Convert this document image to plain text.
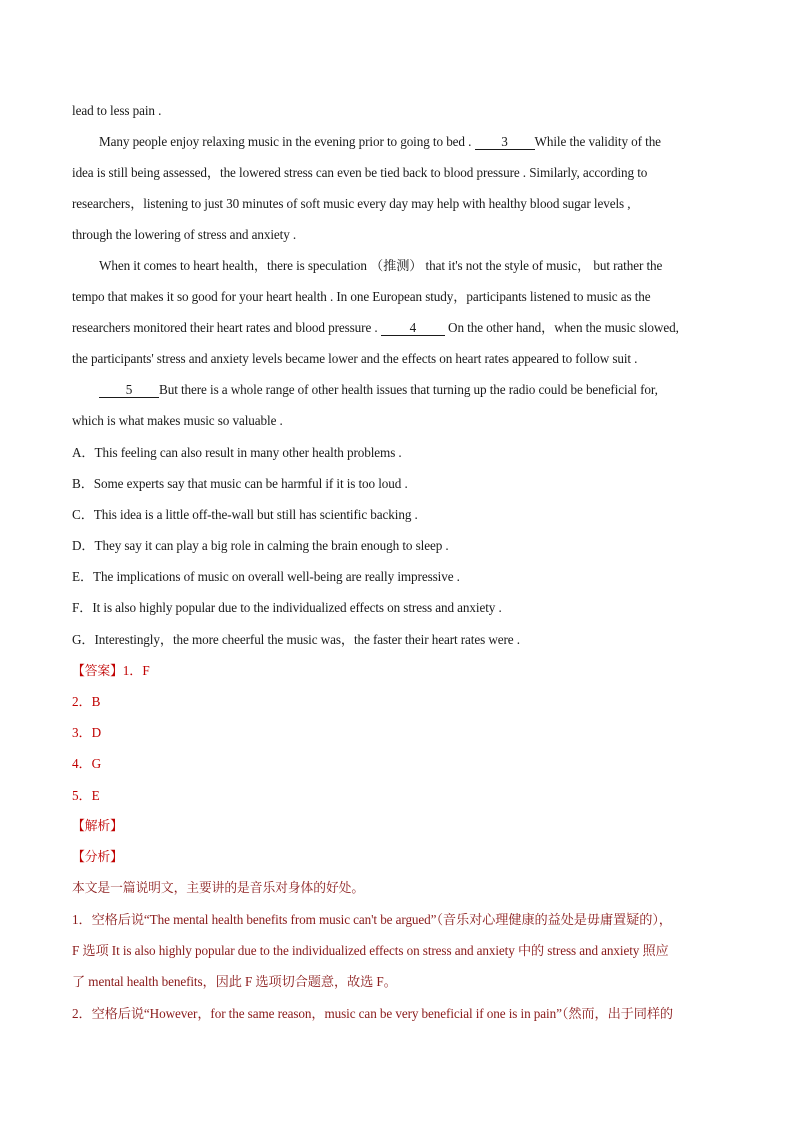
lead to less pain .
Many people enjoy relaxing music in the evening prior to going to bed . 3 While the validity of the
idea is still being assessed，the lowered stress can even be tied back to blood pressure . Similarly, according to
researchers，listening to just 30 minutes of soft music every day may help with healthy blood sugar levels ,
through the lowering of stress and anxiety .
When it comes to heart health，there is speculation （推测） that it's not the style of music， but rather the
tempo that makes it so good for your heart health . In one European study，participants listened to music as the
researchers monitored their heart rates and blood pressure . 4 On the other hand，when the music slowed,
the participants' stress and anxiety levels became lower and the effects on heart rates appeared to follow suit .
5 But there is a whole range of other health issues that turning up the radio could be beneficial for,
which is what makes music so valuable .
A．This feeling can also result in many other health problems .
B．Some experts say that music can be harmful if it is too loud .
C．This idea is a little off-the-wall but still has scientific backing .
D．They say it can play a big role in calming the brain enough to sleep .
E．The implications of music on overall well-being are really impressive .
F．It is also highly popular due to the individualized effects on stress and anxiety .
G．Interestingly，the more cheerful the music was，the faster their heart rates were .
【答案】1．F
2．B
3．D
4．G
5．E
【解析】
【分析】
本文是一篇说明文，主要讲的是音乐对身体的好处。
1．空格后说“The mental health benefits from music can't be argued”（音乐对心理健康的益处是毋庸置疑的），
F 选项 It is also highly popular due to the individualized effects on stress and anxiety 中的 stress and anxiety 照应
了 mental health benefits，因此 F 选项切合题意，故选 F。
2．空格后说“However，for the same reason，music can be very beneficial if one is in pain”（然而，出于同样的
